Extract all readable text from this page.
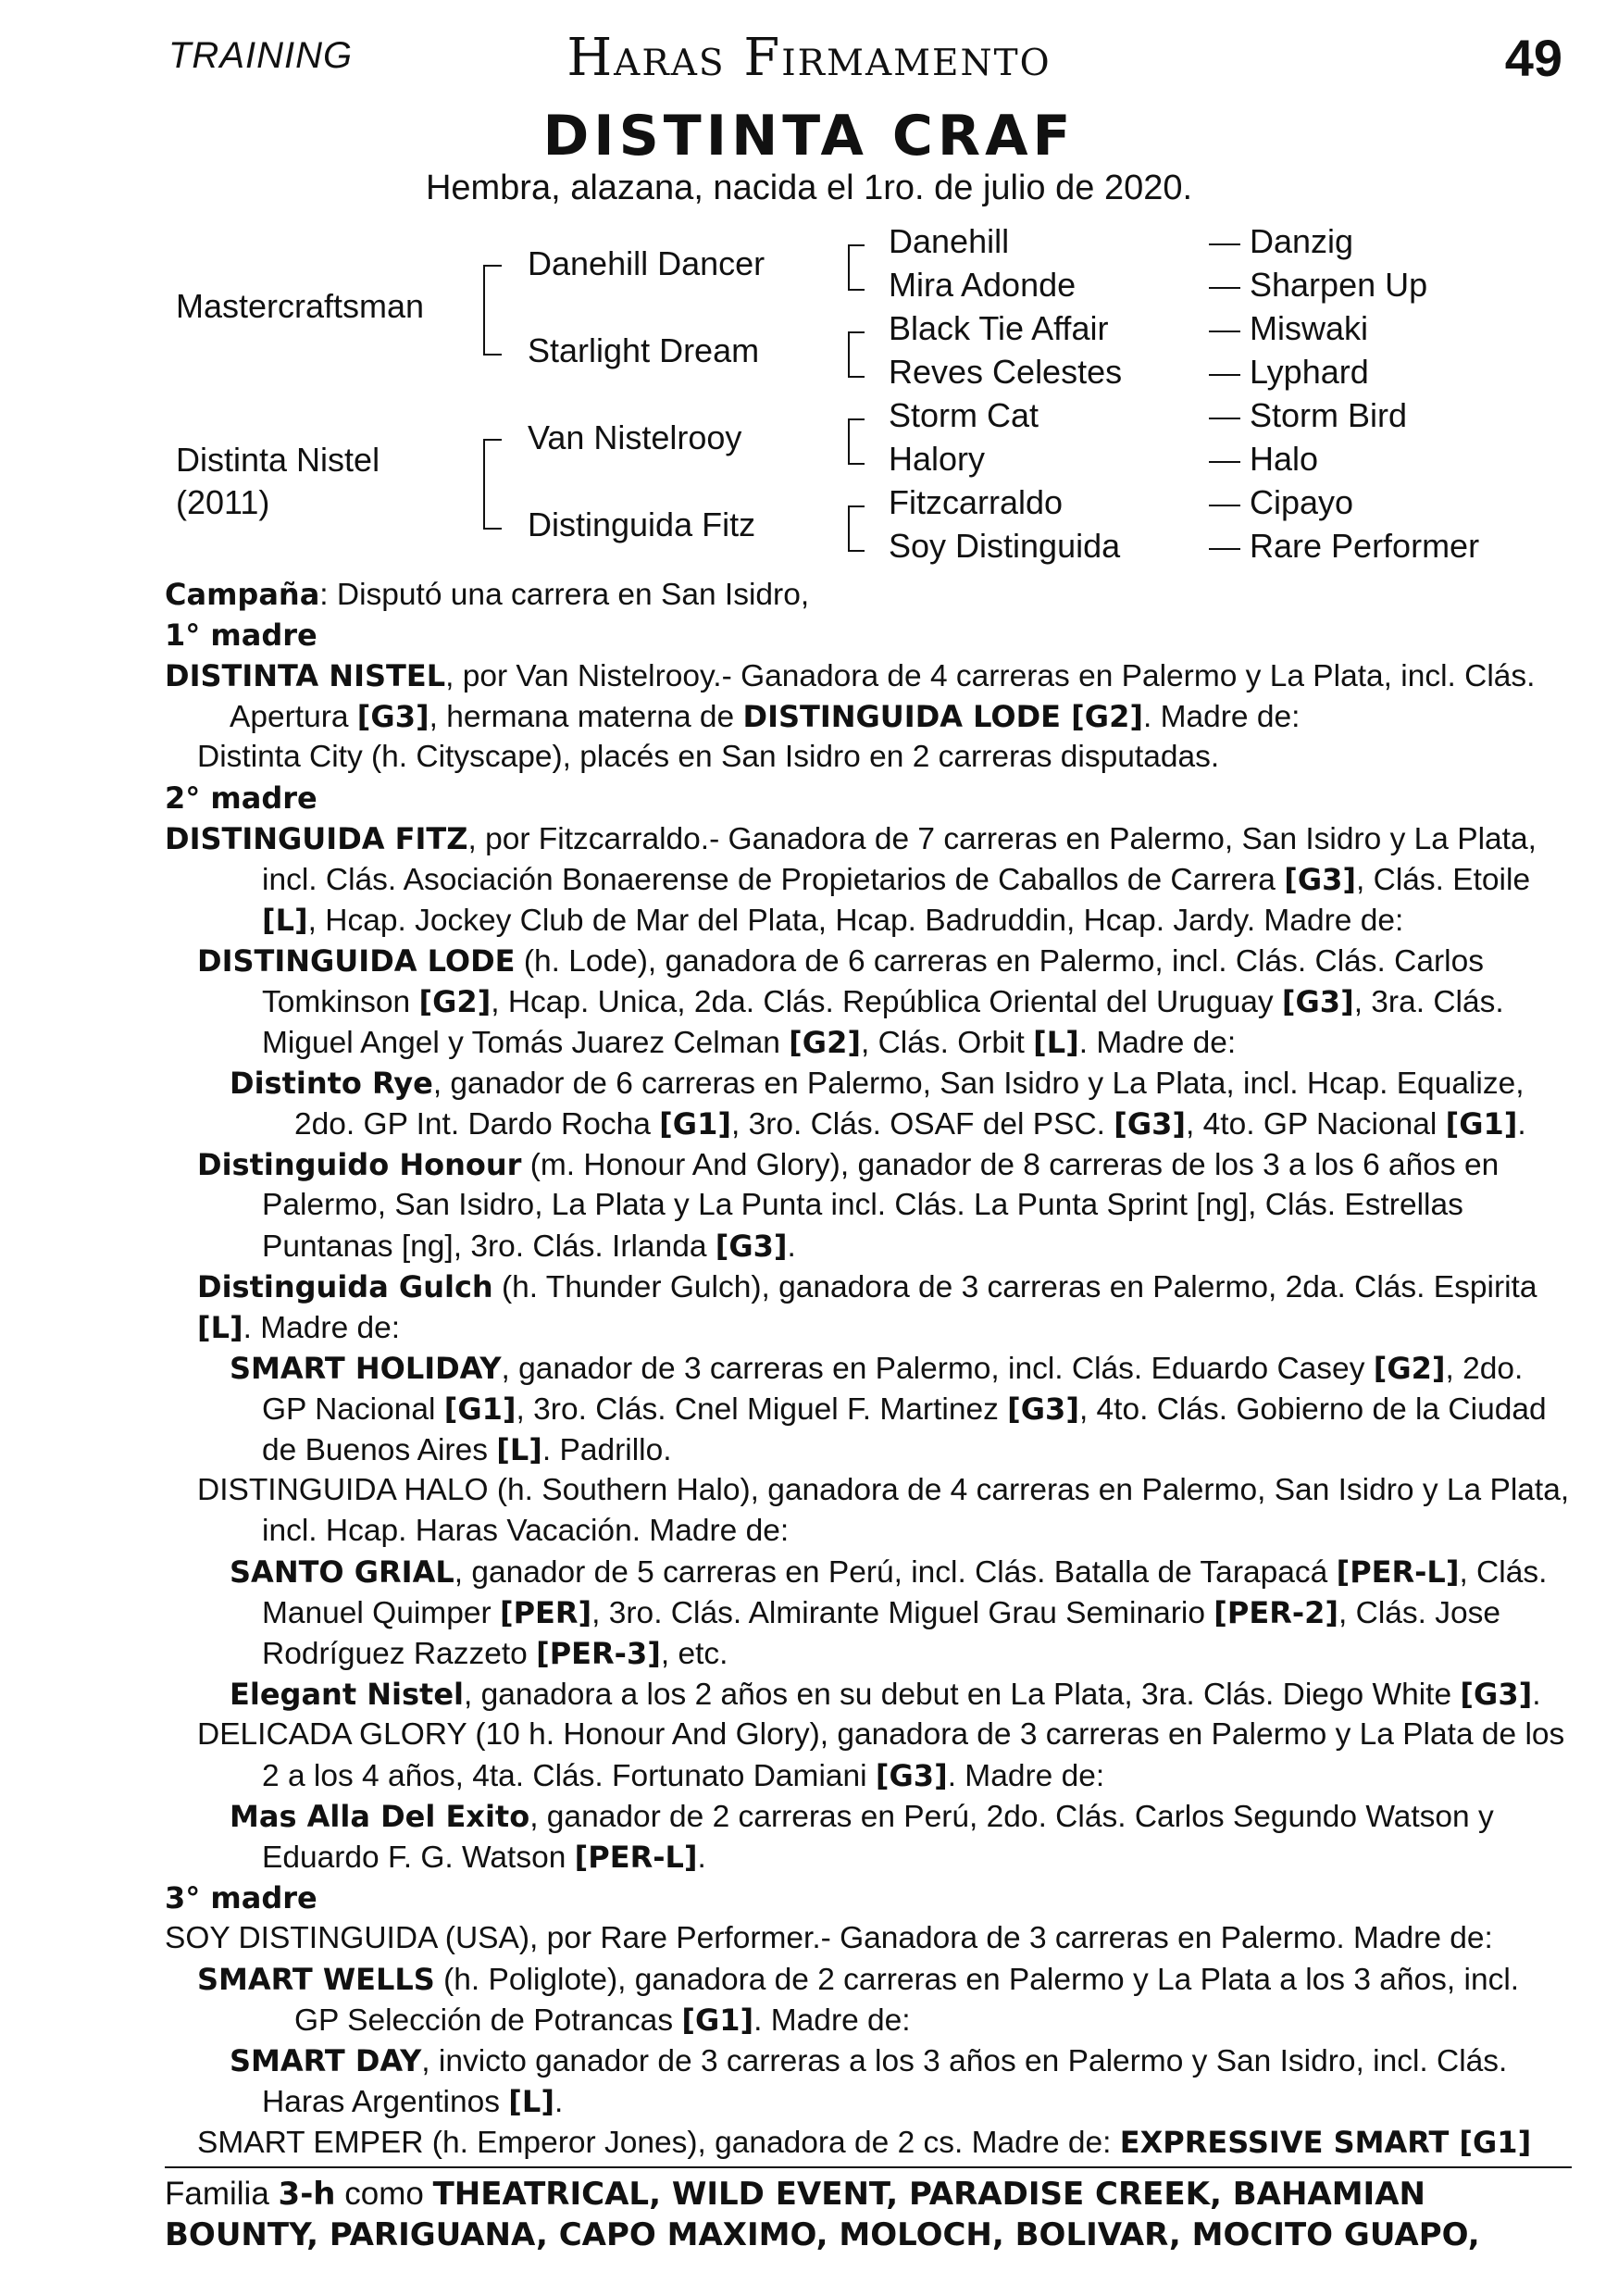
TRAINING	Haras Firmamento	49
DISTINTA CRAF
Hembra, alazana, nacida el 1ro. de julio de 2020.
Mastercraftsman
Distinta Nistel
(2011)
Danehill Dancer
Starlight Dream
Van Nistelrooy
Distinguida Fitz
Danehill
Mira Adonde
Black Tie Affair
Reves Celestes
Storm Cat
Halory
Fitzcarraldo
Soy Distinguida
Danzig
Sharpen Up
Miswaki
Lyphard
Storm Bird
Halo
Cipayo
Rare Performer
Campaña: Disputó una carrera en San Isidro,
1° madre
DISTINTA NISTEL, por Van Nistelrooy.- Ganadora de 4 carreras en Palermo y La Plata, incl. Clás.
Apertura [G3], hermana materna de DISTINGUIDA LODE [G2]. Madre de:
Distinta City (h. Cityscape), placés en San Isidro en 2 carreras disputadas.
2° madre
DISTINGUIDA FITZ, por Fitzcarraldo.- Ganadora de 7 carreras en Palermo, San Isidro y La Plata,
incl. Clás. Asociación Bonaerense de Propietarios de Caballos de Carrera [G3], Clás. Etoile
[L], Hcap. Jockey Club de Mar del Plata, Hcap. Badruddin, Hcap. Jardy. Madre de:
DISTINGUIDA LODE (h. Lode), ganadora de 6 carreras en Palermo, incl. Clás. Clás. Carlos
Tomkinson [G2], Hcap. Unica, 2da. Clás. República Oriental del Uruguay [G3], 3ra. Clás.
Miguel Angel y Tomás Juarez Celman [G2], Clás. Orbit [L]. Madre de:
Distinto Rye, ganador de 6 carreras en Palermo, San Isidro y La Plata, incl. Hcap. Equalize,
2do. GP Int. Dardo Rocha [G1], 3ro. Clás. OSAF del PSC. [G3], 4to. GP Nacional [G1].
Distinguido Honour (m. Honour And Glory), ganador de 8 carreras de los 3 a los 6 años en
Palermo, San Isidro, La Plata y La Punta incl. Clás. La Punta Sprint [ng], Clás. Estrellas
Puntanas [ng], 3ro. Clás. Irlanda [G3].
Distinguida Gulch (h. Thunder Gulch), ganadora de 3 carreras en Palermo, 2da. Clás. Espirita
[L]. Madre de:
SMART HOLIDAY, ganador de 3 carreras en Palermo, incl. Clás. Eduardo Casey [G2], 2do.
GP Nacional [G1], 3ro. Clás. Cnel Miguel F. Martinez [G3], 4to. Clás. Gobierno de la Ciudad
de Buenos Aires [L]. Padrillo.
DISTINGUIDA HALO (h. Southern Halo), ganadora de 4 carreras en Palermo, San Isidro y La Plata,
incl. Hcap. Haras Vacación. Madre de:
SANTO GRIAL, ganador de 5 carreras en Perú, incl. Clás. Batalla de Tarapacá [PER-L], Clás.
Manuel Quimper [PER], 3ro. Clás. Almirante Miguel Grau Seminario [PER-2], Clás. Jose
Rodríguez Razzeto [PER-3], etc.
Elegant Nistel, ganadora a los 2 años en su debut en La Plata, 3ra. Clás. Diego White [G3].
DELICADA GLORY (10 h. Honour And Glory), ganadora de 3 carreras en Palermo y La Plata de los
2 a los 4 años, 4ta. Clás. Fortunato Damiani [G3]. Madre de:
Mas Alla Del Exito, ganador de 2 carreras en Perú, 2do. Clás. Carlos Segundo Watson y
Eduardo F. G. Watson [PER-L].
3° madre
SOY DISTINGUIDA (USA), por Rare Performer.- Ganadora de 3 carreras en Palermo. Madre de:
SMART WELLS (h. Poliglote), ganadora de 2 carreras en Palermo y La Plata a los 3 años, incl.
GP Selección de Potrancas [G1]. Madre de:
SMART DAY, invicto ganador de 3 carreras a los 3 años en Palermo y San Isidro, incl. Clás.
Haras Argentinos [L].
SMART EMPER (h. Emperor Jones), ganadora de 2 cs. Madre de: EXPRESSIVE SMART [G1]
Familia 3-h como THEATRICAL, WILD EVENT, PARADISE CREEK, BAHAMIAN
BOUNTY, PARIGUANA, CAPO MAXIMO, MOLOCH, BOLIVAR, MOCITO GUAPO,
